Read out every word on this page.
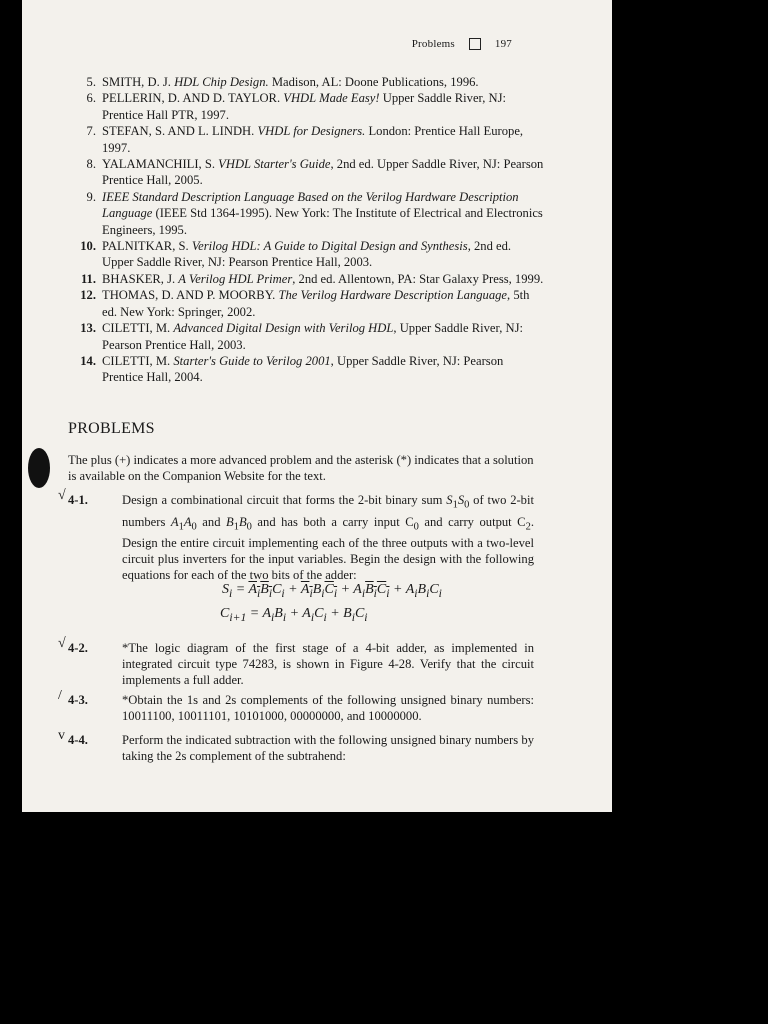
Problems	197
5. SMITH, D. J. HDL Chip Design. Madison, AL: Doone Publications, 1996.
6. PELLERIN, D. AND D. TAYLOR. VHDL Made Easy! Upper Saddle River, NJ: Prentice Hall PTR, 1997.
7. STEFAN, S. AND L. LINDH. VHDL for Designers. London: Prentice Hall Europe, 1997.
8. YALAMANCHILI, S. VHDL Starter's Guide, 2nd ed. Upper Saddle River, NJ: Pearson Prentice Hall, 2005.
9. IEEE Standard Description Language Based on the Verilog Hardware Description Language (IEEE Std 1364-1995). New York: The Institute of Electrical and Electronics Engineers, 1995.
10. PALNITKAR, S. Verilog HDL: A Guide to Digital Design and Synthesis, 2nd ed. Upper Saddle River, NJ: Pearson Prentice Hall, 2003.
11. BHASKER, J. A Verilog HDL Primer, 2nd ed. Allentown, PA: Star Galaxy Press, 1999.
12. THOMAS, D. AND P. MOORBY. The Verilog Hardware Description Language, 5th ed. New York: Springer, 2002.
13. CILETTI, M. Advanced Digital Design with Verilog HDL, Upper Saddle River, NJ: Pearson Prentice Hall, 2003.
14. CILETTI, M. Starter's Guide to Verilog 2001, Upper Saddle River, NJ: Pearson Prentice Hall, 2004.
PROBLEMS
The plus (+) indicates a more advanced problem and the asterisk (*) indicates that a solution is available on the Companion Website for the text.
√ 4-1.	Design a combinational circuit that forms the 2-bit binary sum $S_1S_0$ of two 2-bit numbers $A_1A_0$ and $B_1B_0$ and has both a carry input $C_0$ and carry output $C_2$. Design the entire circuit implementing each of the three outputs with a two-level circuit plus inverters for the input variables. Begin the design with the following equations for each of the two bits of the adder:
$S_i = A_iB_iC_i + A_iB_iC_i + A_iB_iC_i + A_iB_iC_i$
$C_{i+1} = A_iB_i + A_iC_i + B_iC_i$
√ 4-2.	*The logic diagram of the first stage of a 4-bit adder, as implemented in integrated circuit type 74283, is shown in Figure 4-28. Verify that the circuit implements a full adder.
/ 4-3.	*Obtain the 1s and 2s complements of the following unsigned binary numbers: 10011100, 10011101, 10101000, 00000000, and 10000000.
v 4-4.	Perform the indicated subtraction with the following unsigned binary numbers by taking the 2s complement of the subtrahend:
